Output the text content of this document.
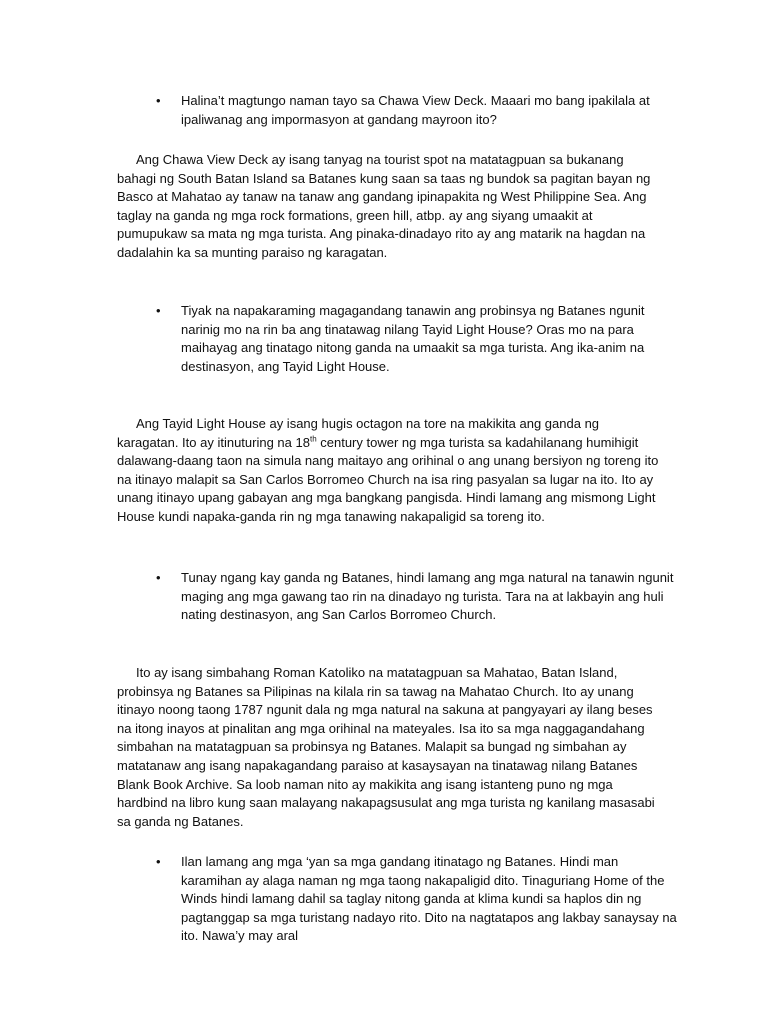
• Halina’t magtungo naman tayo sa Chawa View Deck. Maaari mo bang ipakilala at ipaliwanag ang impormasyon at gandang mayroon ito?

Ang Chawa View Deck ay isang tanyag na tourist spot na matatagpuan sa bukanang bahagi ng South Batan Island sa Batanes kung saan sa taas ng bundok sa pagitan bayan ng Basco at Mahatao ay tanaw na tanaw ang gandang ipinapakita ng West Philippine Sea. Ang taglay na ganda ng mga rock formations, green hill, atbp. ay ang siyang umaakit at pumupukaw sa mata ng mga turista. Ang pinaka-dinadayo rito ay ang matarik na hagdan na dadalahin ka sa munting paraiso ng karagatan.

• Tiyak na napakaraming magagandang tanawin ang probinsya ng Batanes ngunit narinig mo na rin ba ang tinatawag nilang Tayid Light House? Oras mo na para maihayag ang tinatago nitong ganda na umaakit sa mga turista. Ang ika-anim na destinasyon, ang Tayid Light House.

Ang Tayid Light House ay isang hugis octagon na tore na makikita ang ganda ng karagatan. Ito ay itinuturing na 18th century tower ng mga turista sa kadahilanang humihigit dalawang-daang taon na simula nang maitayo ang orihinal o ang unang bersiyon ng toreng ito na itinayo malapit sa San Carlos Borromeo Church na isa ring pasyalan sa lugar na ito. Ito ay unang itinayo upang gabayan ang mga bangkang pangisda. Hindi lamang ang mismong Light House kundi napaka-ganda rin ng mga tanawing nakapaligid sa toreng ito.

• Tunay ngang kay ganda ng Batanes, hindi lamang ang mga natural na tanawin ngunit maging ang mga gawang tao rin na dinadayo ng turista. Tara na at lakbayin ang huli nating destinasyon, ang San Carlos Borromeo Church.

Ito ay isang simbahang Roman Katoliko na matatagpuan sa Mahatao, Batan Island, probinsya ng Batanes sa Pilipinas na kilala rin sa tawag na Mahatao Church. Ito ay unang itinayo noong taong 1787 ngunit dala ng mga natural na sakuna at pangyayari ay ilang beses na itong inayos at pinalitan ang mga orihinal na mateyales. Isa ito sa mga naggagandahang simbahan na matatagpuan sa probinsya ng Batanes. Malapit sa bungad ng simbahan ay matatanaw ang isang napakagandang paraiso at kasaysayan na tinatawag nilang Batanes Blank Book Archive. Sa loob naman nito ay makikita ang isang istanteng puno ng mga hardbind na libro kung saan malayang nakapagsusulat ang mga turista ng kanilang masasabi sa ganda ng Batanes.

• Ilan lamang ang mga ‘yan sa mga gandang itinatago ng Batanes. Hindi man karamihan ay alaga naman ng mga taong nakapaligid dito. Tinaguriang Home of the Winds hindi lamang dahil sa taglay nitong ganda at klima kundi sa haplos din ng pagtanggap sa mga turistang nadayo rito. Dito na nagtatapos ang lakbay sanaysay na ito. Nawa’y may aral
